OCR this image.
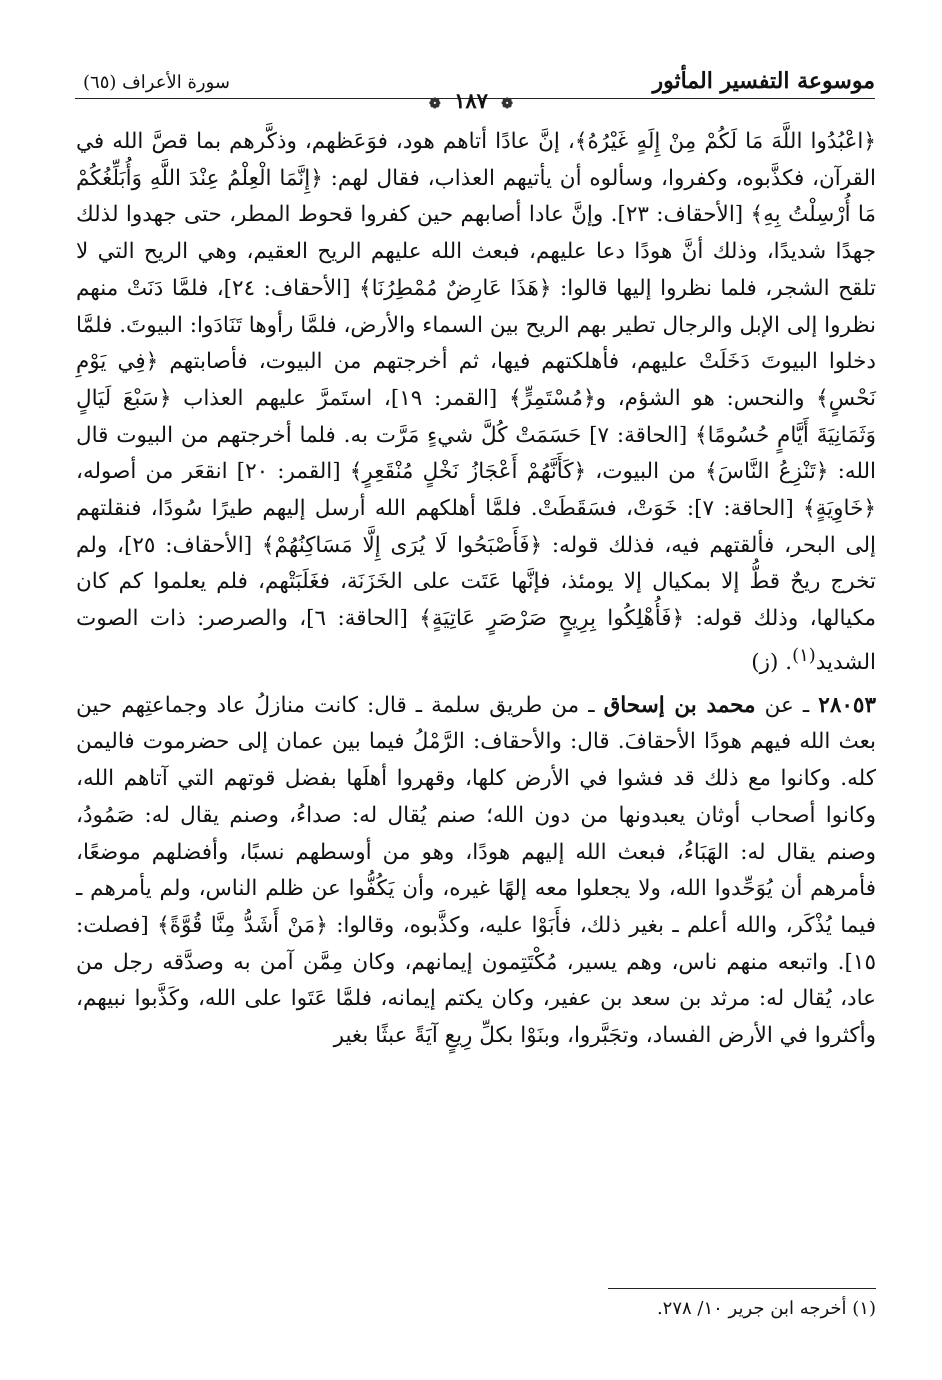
سورة الأعراف (٦٥)	موسوعة التفسير المأثور
❁ ١٨٧ ❁

﴿اعْبُدُوا اللَّهَ مَا لَكُمْ مِنْ إِلَهٍ غَيْرُهُ﴾، إنَّ عادًا أتاهم هود، فوَعَظهم، وذكَّرهم بما قصَّ الله في القرآن، فكذَّبوه، وكفروا، وسألوه أن يأتيهم العذاب، فقال لهم: ﴿إِنَّمَا الْعِلْمُ عِنْدَ اللَّهِ وَأُبَلِّغُكُمْ مَا أُرْسِلْتُ بِهِ﴾ [الأحقاف: ٢٣]. وإنَّ عادا أصابهم حين كفروا قحوط المطر، حتى جهدوا لذلك جهدًا شديدًا، وذلك أنَّ هودًا دعا عليهم، فبعث الله عليهم الريح العقيم، وهي الريح التي لا تلقح الشجر، فلما نظروا إليها قالوا: ﴿هَذَا عَارِضٌ مُمْطِرُنَا﴾ [الأحقاف: ٢٤]، فلمَّا دَنَتْ منهم نظروا إلى الإبل والرجال تطير بهم الريح بين السماء والأرض، فلمَّا رأوها تَنَادَوا: البيوتَ. فلمَّا دخلوا البيوتَ دَخَلَتْ عليهم، فأهلكتهم فيها، ثم أخرجتهم من البيوت، فأصابتهم ﴿فِي يَوْمِ نَحْسٍ﴾ والنحس: هو الشؤم، و﴿مُسْتَمِرٍّ﴾ [القمر: ١٩]، استَمرَّ عليهم العذاب ﴿سَبْعَ لَيَالٍ وَثَمَانِيَةَ أَيَّامٍ حُسُومًا﴾ [الحاقة: ٧] حَسَمَتْ كُلَّ شيءٍ مَرَّت به. فلما أخرجتهم من البيوت قال الله: ﴿تَنْزِعُ النَّاسَ﴾ من البيوت، ﴿كَأَنَّهُمْ أَعْجَازُ نَخْلٍ مُنْقَعِرٍ﴾ [القمر: ٢٠] انقعَر من أصوله، ﴿خَاوِيَةٍ﴾ [الحاقة: ٧]: خَوَتْ، فسَقَطَتْ. فلمَّا أهلكهم الله أرسل إليهم طيرًا سُودًا، فنقلتهم إلى البحر، فألقتهم فيه، فذلك قوله: ﴿فَأَصْبَحُوا لَا يُرَى إِلَّا مَسَاكِنُهُمْ﴾ [الأحقاف: ٢٥]، ولم تخرج ريحٌ قطُّ إلا بمكيال إلا يومئذ، فإنَّها عَتَت على الخَزَنَة، فغَلَبَتْهم، فلم يعلموا كم كان مكيالها، وذلك قوله: ﴿فَأُهْلِكُوا بِرِيحٍ صَرْصَرٍ عَاتِيَةٍ﴾ [الحاقة: ٦]، والصرصر: ذات الصوت الشديد$^{(١)}$. (ز)

٢٨٠٥٣ ـ عن محمد بن إسحاق ـ من طريق سلمة ـ قال: كانت منازلُ عاد وجماعتِهم حين بعث الله فيهم هودًا الأحقافَ. قال: والأحقاف: الرَّمْلُ فيما بين عمان إلى حضرموت فاليمن كله. وكانوا مع ذلك قد فشوا في الأرض كلها، وقهروا أهلَها بفضل قوتهم التي آتاهم الله، وكانوا أصحاب أوثان يعبدونها من دون الله؛ صنم يُقال له: صداءُ، وصنم يقال له: صَمُودُ، وصنم يقال له: الهَبَاءُ، فبعث الله إليهم هودًا، وهو من أوسطهم نسبًا، وأفضلهم موضعًا، فأمرهم أن يُوَحِّدوا الله، ولا يجعلوا معه إلهًا غيره، وأن يَكُفُّوا عن ظلم الناس، ولم يأمرهم ـ فيما يُذْكَر، والله أعلم ـ بغير ذلك، فأَبَوْا عليه، وكذَّبوه، وقالوا: ﴿مَنْ أَشَدُّ مِنَّا قُوَّةً﴾ [فصلت: ١٥]. واتبعه منهم ناس، وهم يسير، مُكْتَتِمون إيمانهم، وكان مِمَّن آمن به وصدَّقه رجل من عاد، يُقال له: مرثد بن سعد بن عفير، وكان يكتم إيمانه، فلمَّا عَتَوا على الله، وكَذَّبوا نبيهم، وأكثروا في الأرض الفساد، وتجَبَّروا، وبنَوْا بكلِّ رِيعٍ آيَةً عبثًا بغير

(١) أخرجه ابن جرير ١٠/ ٢٧٨.
